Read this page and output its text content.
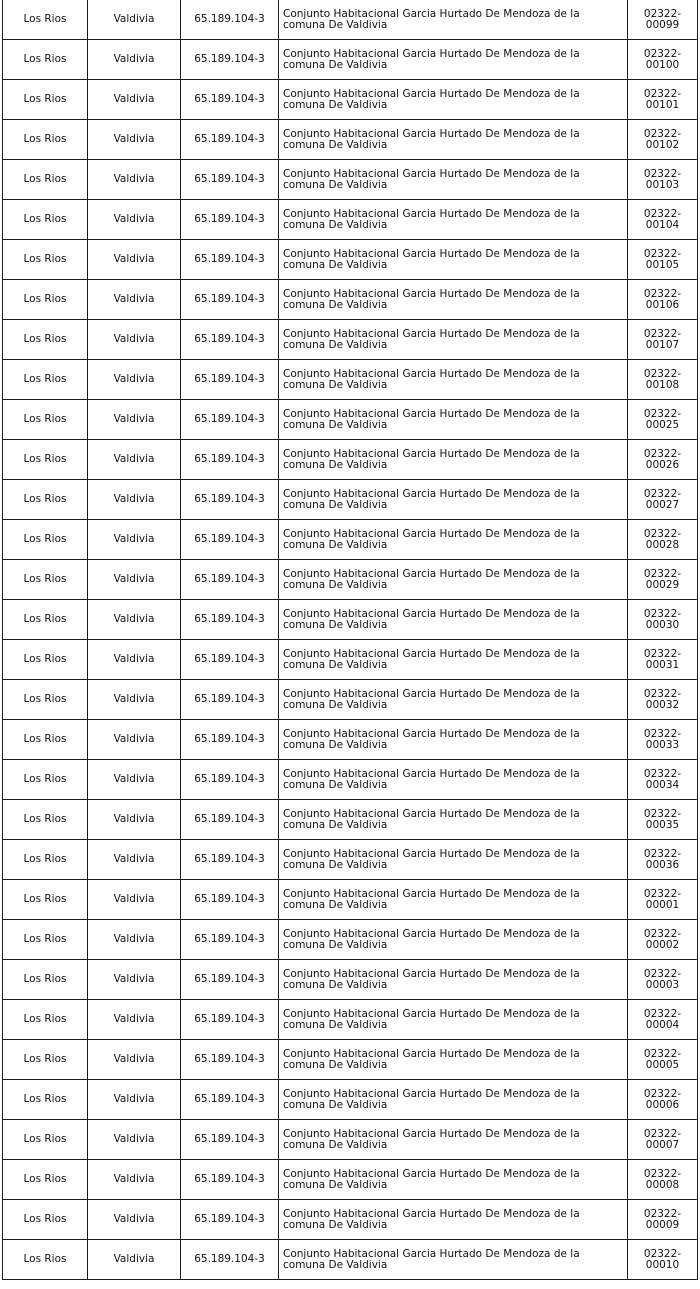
Los Rios	Valdivia	65.189.104-3	Conjunto Habitacional Garcia Hurtado De Mendoza de la comuna De Valdivia	02322-00099
Los Rios	Valdivia	65.189.104-3	Conjunto Habitacional Garcia Hurtado De Mendoza de la comuna De Valdivia	02322-00100
Los Rios	Valdivia	65.189.104-3	Conjunto Habitacional Garcia Hurtado De Mendoza de la comuna De Valdivia	02322-00101
Los Rios	Valdivia	65.189.104-3	Conjunto Habitacional Garcia Hurtado De Mendoza de la comuna De Valdivia	02322-00102
Los Rios	Valdivia	65.189.104-3	Conjunto Habitacional Garcia Hurtado De Mendoza de la comuna De Valdivia	02322-00103
Los Rios	Valdivia	65.189.104-3	Conjunto Habitacional Garcia Hurtado De Mendoza de la comuna De Valdivia	02322-00104
Los Rios	Valdivia	65.189.104-3	Conjunto Habitacional Garcia Hurtado De Mendoza de la comuna De Valdivia	02322-00105
Los Rios	Valdivia	65.189.104-3	Conjunto Habitacional Garcia Hurtado De Mendoza de la comuna De Valdivia	02322-00106
Los Rios	Valdivia	65.189.104-3	Conjunto Habitacional Garcia Hurtado De Mendoza de la comuna De Valdivia	02322-00107
Los Rios	Valdivia	65.189.104-3	Conjunto Habitacional Garcia Hurtado De Mendoza de la comuna De Valdivia	02322-00108
Los Rios	Valdivia	65.189.104-3	Conjunto Habitacional Garcia Hurtado De Mendoza de la comuna De Valdivia	02322-00025
Los Rios	Valdivia	65.189.104-3	Conjunto Habitacional Garcia Hurtado De Mendoza de la comuna De Valdivia	02322-00026
Los Rios	Valdivia	65.189.104-3	Conjunto Habitacional Garcia Hurtado De Mendoza de la comuna De Valdivia	02322-00027
Los Rios	Valdivia	65.189.104-3	Conjunto Habitacional Garcia Hurtado De Mendoza de la comuna De Valdivia	02322-00028
Los Rios	Valdivia	65.189.104-3	Conjunto Habitacional Garcia Hurtado De Mendoza de la comuna De Valdivia	02322-00029
Los Rios	Valdivia	65.189.104-3	Conjunto Habitacional Garcia Hurtado De Mendoza de la comuna De Valdivia	02322-00030
Los Rios	Valdivia	65.189.104-3	Conjunto Habitacional Garcia Hurtado De Mendoza de la comuna De Valdivia	02322-00031
Los Rios	Valdivia	65.189.104-3	Conjunto Habitacional Garcia Hurtado De Mendoza de la comuna De Valdivia	02322-00032
Los Rios	Valdivia	65.189.104-3	Conjunto Habitacional Garcia Hurtado De Mendoza de la comuna De Valdivia	02322-00033
Los Rios	Valdivia	65.189.104-3	Conjunto Habitacional Garcia Hurtado De Mendoza de la comuna De Valdivia	02322-00034
Los Rios	Valdivia	65.189.104-3	Conjunto Habitacional Garcia Hurtado De Mendoza de la comuna De Valdivia	02322-00035
Los Rios	Valdivia	65.189.104-3	Conjunto Habitacional Garcia Hurtado De Mendoza de la comuna De Valdivia	02322-00036
Los Rios	Valdivia	65.189.104-3	Conjunto Habitacional Garcia Hurtado De Mendoza de la comuna De Valdivia	02322-00001
Los Rios	Valdivia	65.189.104-3	Conjunto Habitacional Garcia Hurtado De Mendoza de la comuna De Valdivia	02322-00002
Los Rios	Valdivia	65.189.104-3	Conjunto Habitacional Garcia Hurtado De Mendoza de la comuna De Valdivia	02322-00003
Los Rios	Valdivia	65.189.104-3	Conjunto Habitacional Garcia Hurtado De Mendoza de la comuna De Valdivia	02322-00004
Los Rios	Valdivia	65.189.104-3	Conjunto Habitacional Garcia Hurtado De Mendoza de la comuna De Valdivia	02322-00005
Los Rios	Valdivia	65.189.104-3	Conjunto Habitacional Garcia Hurtado De Mendoza de la comuna De Valdivia	02322-00006
Los Rios	Valdivia	65.189.104-3	Conjunto Habitacional Garcia Hurtado De Mendoza de la comuna De Valdivia	02322-00007
Los Rios	Valdivia	65.189.104-3	Conjunto Habitacional Garcia Hurtado De Mendoza de la comuna De Valdivia	02322-00008
Los Rios	Valdivia	65.189.104-3	Conjunto Habitacional Garcia Hurtado De Mendoza de la comuna De Valdivia	02322-00009
Los Rios	Valdivia	65.189.104-3	Conjunto Habitacional Garcia Hurtado De Mendoza de la comuna De Valdivia	02322-00010
